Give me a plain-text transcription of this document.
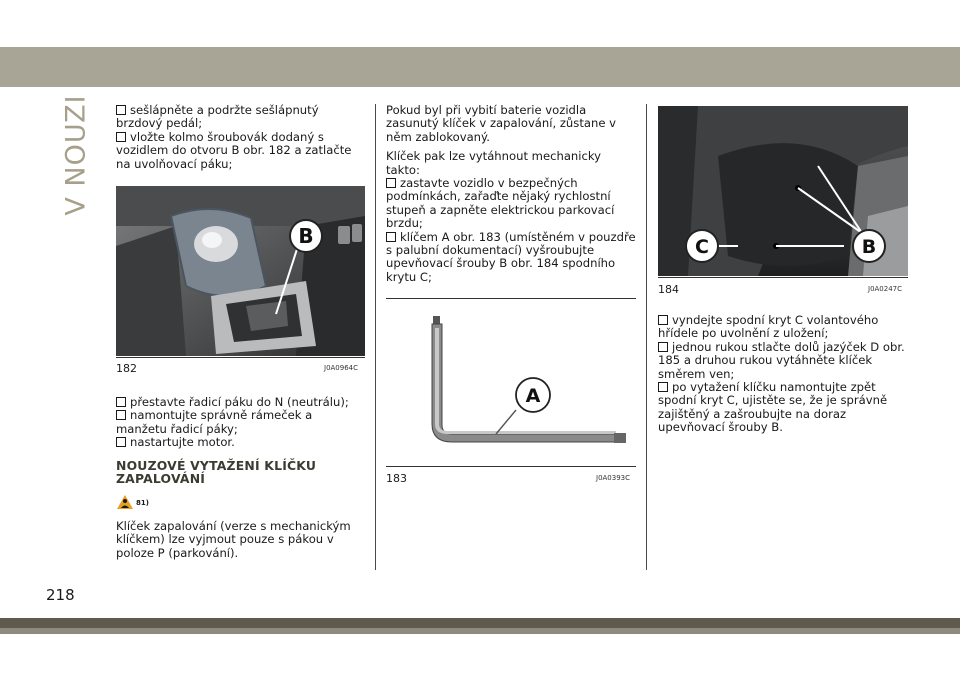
V NOUZI
218

sešlápněte a podržte sešlápnutý brzdový pedál;

vložte kolmo šroubovák dodaný s vozidlem do otvoru B obr. 182 a zatlačte na uvolňovací páku;

B
182	J0A0964C

přestavte řadicí páku do N (neutrálu);

namontujte správně rámeček a manžetu řadicí páky;

nastartujte motor.

NOUZOVÉ VYTAŽENÍ KLÍČKU
ZAPALOVÁNÍ
81)

Klíček zapalování (verze s mechanickým klíčkem) lze vyjmout pouze s pákou v poloze P (parkování).

Pokud byl při vybití baterie vozidla zasunutý klíček v zapalování, zůstane v něm zablokovaný.

Klíček pak lze vytáhnout mechanicky takto:

zastavte vozidlo v bezpečných podmínkách, zařaďte nějaký rychlostní stupeň a zapněte elektrickou parkovací brzdu;

klíčem A obr. 183 (umístěném v pouzdře s palubní dokumentací) vyšroubujte upevňovací šrouby B obr. 184 spodního krytu C;

A
183	J0A0393C
C	B
184	J0A0247C

vyndejte spodní kryt C volantového hřídele po uvolnění z uložení;

jednou rukou stlačte dolů jazýček D obr. 185 a druhou rukou vytáhněte klíček směrem ven;

po vytažení klíčku namontujte zpět spodní kryt C, ujistěte se, že je správně zajištěný a zašroubujte na doraz upevňovací šrouby B.
